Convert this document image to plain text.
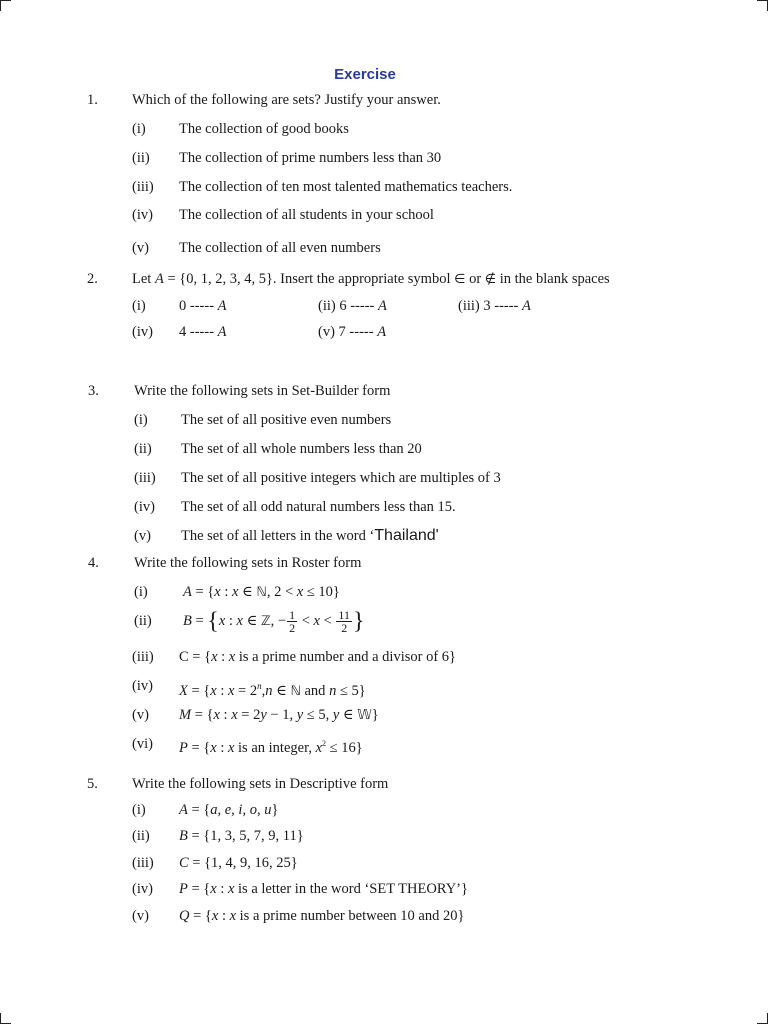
Exercise
1. Which of the following are sets? Justify your answer.
(i) The collection of good books
(ii) The collection of prime numbers less than 30
(iii) The collection of ten most talented mathematics teachers.
(iv) The collection of all students in your school
(v) The collection of all even numbers
2. Let A = {0, 1, 2, 3, 4, 5}. Insert the appropriate symbol ∈ or ∉ in the blank spaces
(i) 0 ----- A	(ii) 6 ----- A	(iii) 3 ----- A
(iv) 4 ----- A	(v) 7 ----- A
3. Write the following sets in Set-Builder form
(i) The set of all positive even numbers
(ii) The set of all whole numbers less than 20
(iii) The set of all positive integers which are multiples of 3
(iv) The set of all odd natural numbers less than 15.
(v) The set of all letters in the word ‘Thailand'
4. Write the following sets in Roster form
(i) A = {x : x ∈ ℕ, 2 < x ≤ 10}
(ii) B = {x : x ∈ ℤ, − $\frac{1}{2} < x < \frac{11}{2}$ }
(iii) C = {x : x is a prime number and a divisor of 6}
(iv) X = {x : $x = 2^n,n$ ∈ ℕ and n ≤ 5}
(v) M = {x : x = 2y − 1, y ≤ 5, y ∈ 𝕎}
(vi) P = {x : x is an integer, $x^2 \le 16$}
5. Write the following sets in Descriptive form
(i) A = {a, e, i, o, u}
(ii) B = {1, 3, 5, 7, 9, 11}
(iii) C = {1, 4, 9, 16, 25}
(iv) P = {x : x is a letter in the word ‘SET THEORY’}
(v) Q = {x : x is a prime number between 10 and 20}
